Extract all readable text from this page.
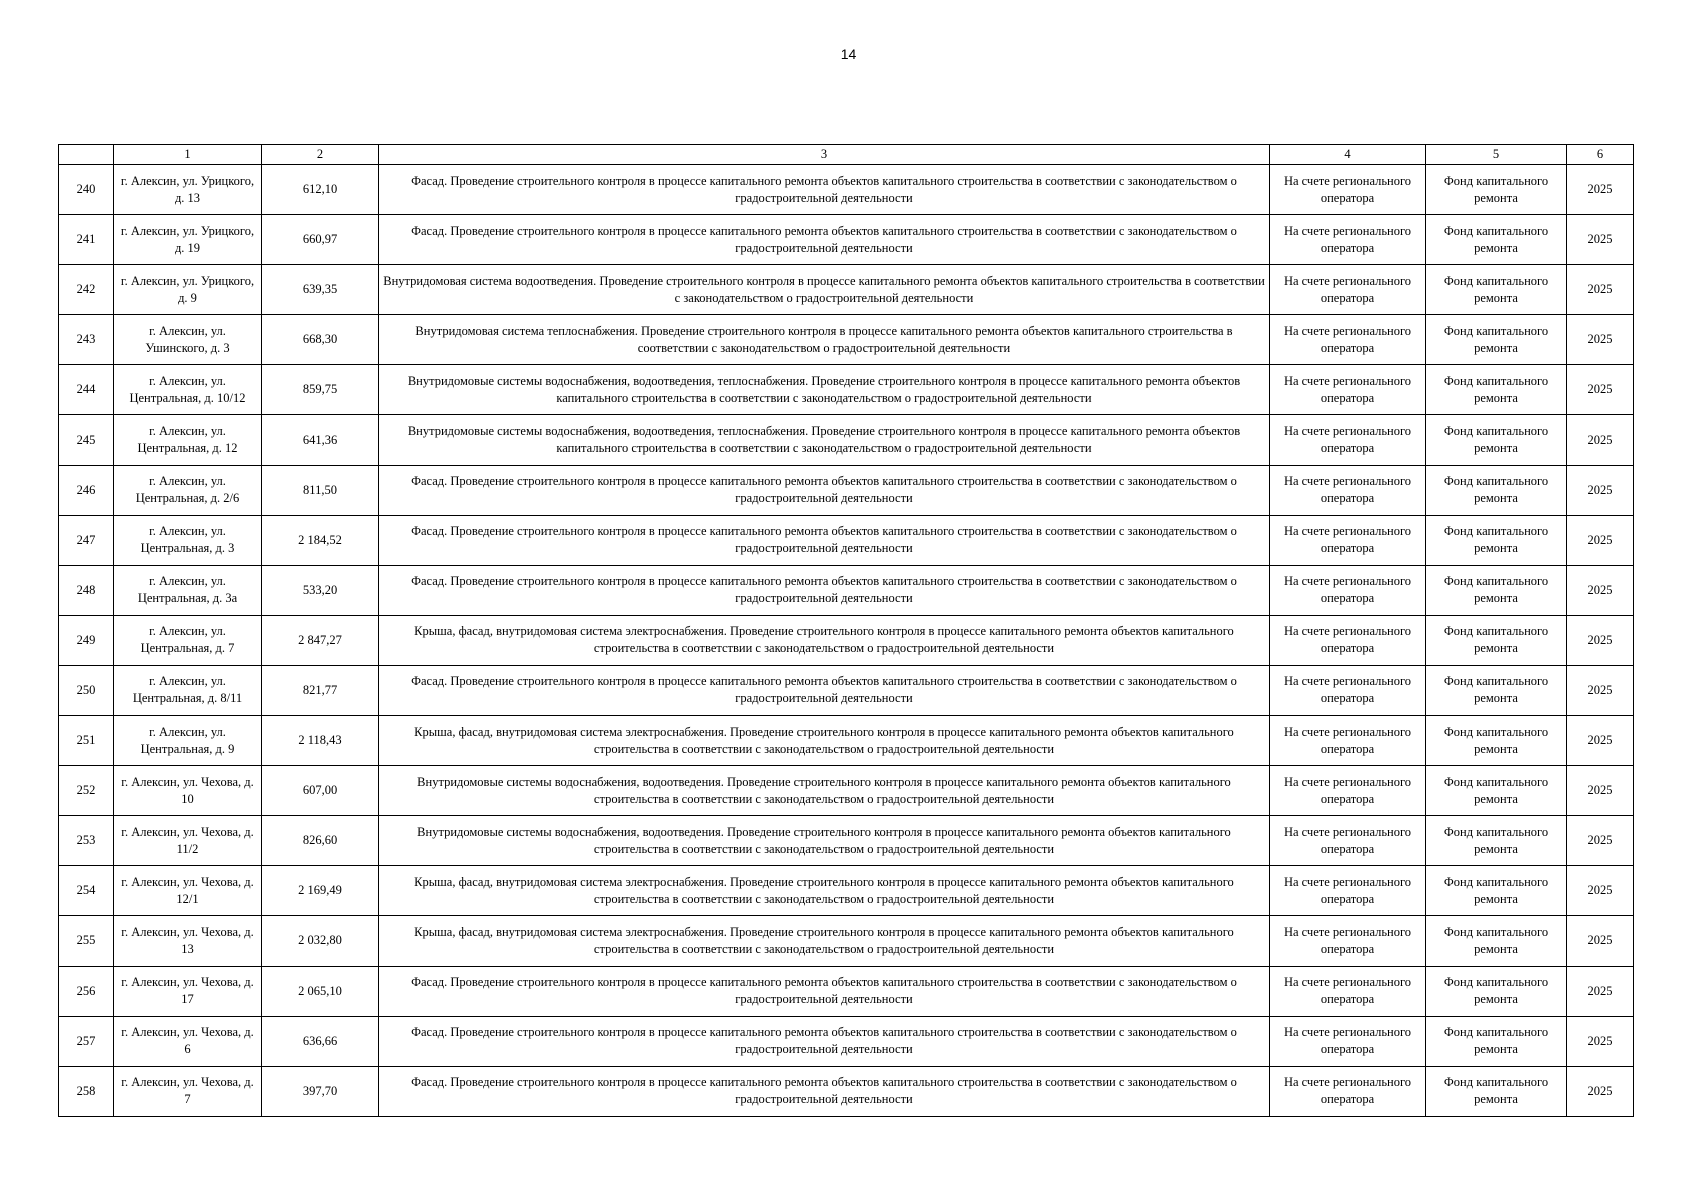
14
	1	2	3	4	5	6
240	г. Алексин, ул. Урицкого, д. 13	612,10	Фасад. Проведение строительного контроля в процессе капитального ремонта объектов капитального строительства в соответствии с законодательством о градостроительной деятельности	На счете регионального оператора	Фонд капитального ремонта	2025
241	г. Алексин, ул. Урицкого, д. 19	660,97	Фасад. Проведение строительного контроля в процессе капитального ремонта объектов капитального строительства в соответствии с законодательством о градостроительной деятельности	На счете регионального оператора	Фонд капитального ремонта	2025
242	г. Алексин, ул. Урицкого, д. 9	639,35	Внутридомовая система водоотведения. Проведение строительного контроля в процессе капитального ремонта объектов капитального строительства в соответствии с законодательством о градостроительной деятельности	На счете регионального оператора	Фонд капитального ремонта	2025
243	г. Алексин, ул. Ушинского, д. 3	668,30	Внутридомовая система теплоснабжения. Проведение строительного контроля в процессе капитального ремонта объектов капитального строительства в соответствии с законодательством о градостроительной деятельности	На счете регионального оператора	Фонд капитального ремонта	2025
244	г. Алексин, ул. Центральная, д. 10/12	859,75	Внутридомовые системы водоснабжения, водоотведения, теплоснабжения. Проведение строительного контроля в процессе капитального ремонта объектов капитального строительства в соответствии с законодательством о градостроительной деятельности	На счете регионального оператора	Фонд капитального ремонта	2025
245	г. Алексин, ул. Центральная, д. 12	641,36	Внутридомовые системы водоснабжения, водоотведения, теплоснабжения. Проведение строительного контроля в процессе капитального ремонта объектов капитального строительства в соответствии с законодательством о градостроительной деятельности	На счете регионального оператора	Фонд капитального ремонта	2025
246	г. Алексин, ул. Центральная, д. 2/6	811,50	Фасад. Проведение строительного контроля в процессе капитального ремонта объектов капитального строительства в соответствии с законодательством о градостроительной деятельности	На счете регионального оператора	Фонд капитального ремонта	2025
247	г. Алексин, ул. Центральная, д. 3	2 184,52	Фасад. Проведение строительного контроля в процессе капитального ремонта объектов капитального строительства в соответствии с законодательством о градостроительной деятельности	На счете регионального оператора	Фонд капитального ремонта	2025
248	г. Алексин, ул. Центральная, д. 3а	533,20	Фасад. Проведение строительного контроля в процессе капитального ремонта объектов капитального строительства в соответствии с законодательством о градостроительной деятельности	На счете регионального оператора	Фонд капитального ремонта	2025
249	г. Алексин, ул. Центральная, д. 7	2 847,27	Крыша, фасад, внутридомовая система электроснабжения. Проведение строительного контроля в процессе капитального ремонта объектов капитального строительства в соответствии с законодательством о градостроительной деятельности	На счете регионального оператора	Фонд капитального ремонта	2025
250	г. Алексин, ул. Центральная, д. 8/11	821,77	Фасад. Проведение строительного контроля в процессе капитального ремонта объектов капитального строительства в соответствии с законодательством о градостроительной деятельности	На счете регионального оператора	Фонд капитального ремонта	2025
251	г. Алексин, ул. Центральная, д. 9	2 118,43	Крыша, фасад, внутридомовая система электроснабжения. Проведение строительного контроля в процессе капитального ремонта объектов капитального строительства в соответствии с законодательством о градостроительной деятельности	На счете регионального оператора	Фонд капитального ремонта	2025
252	г. Алексин, ул. Чехова, д. 10	607,00	Внутридомовые системы водоснабжения, водоотведения. Проведение строительного контроля в процессе капитального ремонта объектов капитального строительства в соответствии с законодательством о градостроительной деятельности	На счете регионального оператора	Фонд капитального ремонта	2025
253	г. Алексин, ул. Чехова, д. 11/2	826,60	Внутридомовые системы водоснабжения, водоотведения. Проведение строительного контроля в процессе капитального ремонта объектов капитального строительства в соответствии с законодательством о градостроительной деятельности	На счете регионального оператора	Фонд капитального ремонта	2025
254	г. Алексин, ул. Чехова, д. 12/1	2 169,49	Крыша, фасад, внутридомовая система электроснабжения. Проведение строительного контроля в процессе капитального ремонта объектов капитального строительства в соответствии с законодательством о градостроительной деятельности	На счете регионального оператора	Фонд капитального ремонта	2025
255	г. Алексин, ул. Чехова, д. 13	2 032,80	Крыша, фасад, внутридомовая система электроснабжения. Проведение строительного контроля в процессе капитального ремонта объектов капитального строительства в соответствии с законодательством о градостроительной деятельности	На счете регионального оператора	Фонд капитального ремонта	2025
256	г. Алексин, ул. Чехова, д. 17	2 065,10	Фасад. Проведение строительного контроля в процессе капитального ремонта объектов капитального строительства в соответствии с законодательством о градостроительной деятельности	На счете регионального оператора	Фонд капитального ремонта	2025
257	г. Алексин, ул. Чехова, д. 6	636,66	Фасад. Проведение строительного контроля в процессе капитального ремонта объектов капитального строительства в соответствии с законодательством о градостроительной деятельности	На счете регионального оператора	Фонд капитального ремонта	2025
258	г. Алексин, ул. Чехова, д. 7	397,70	Фасад. Проведение строительного контроля в процессе капитального ремонта объектов капитального строительства в соответствии с законодательством о градостроительной деятельности	На счете регионального оператора	Фонд капитального ремонта	2025
